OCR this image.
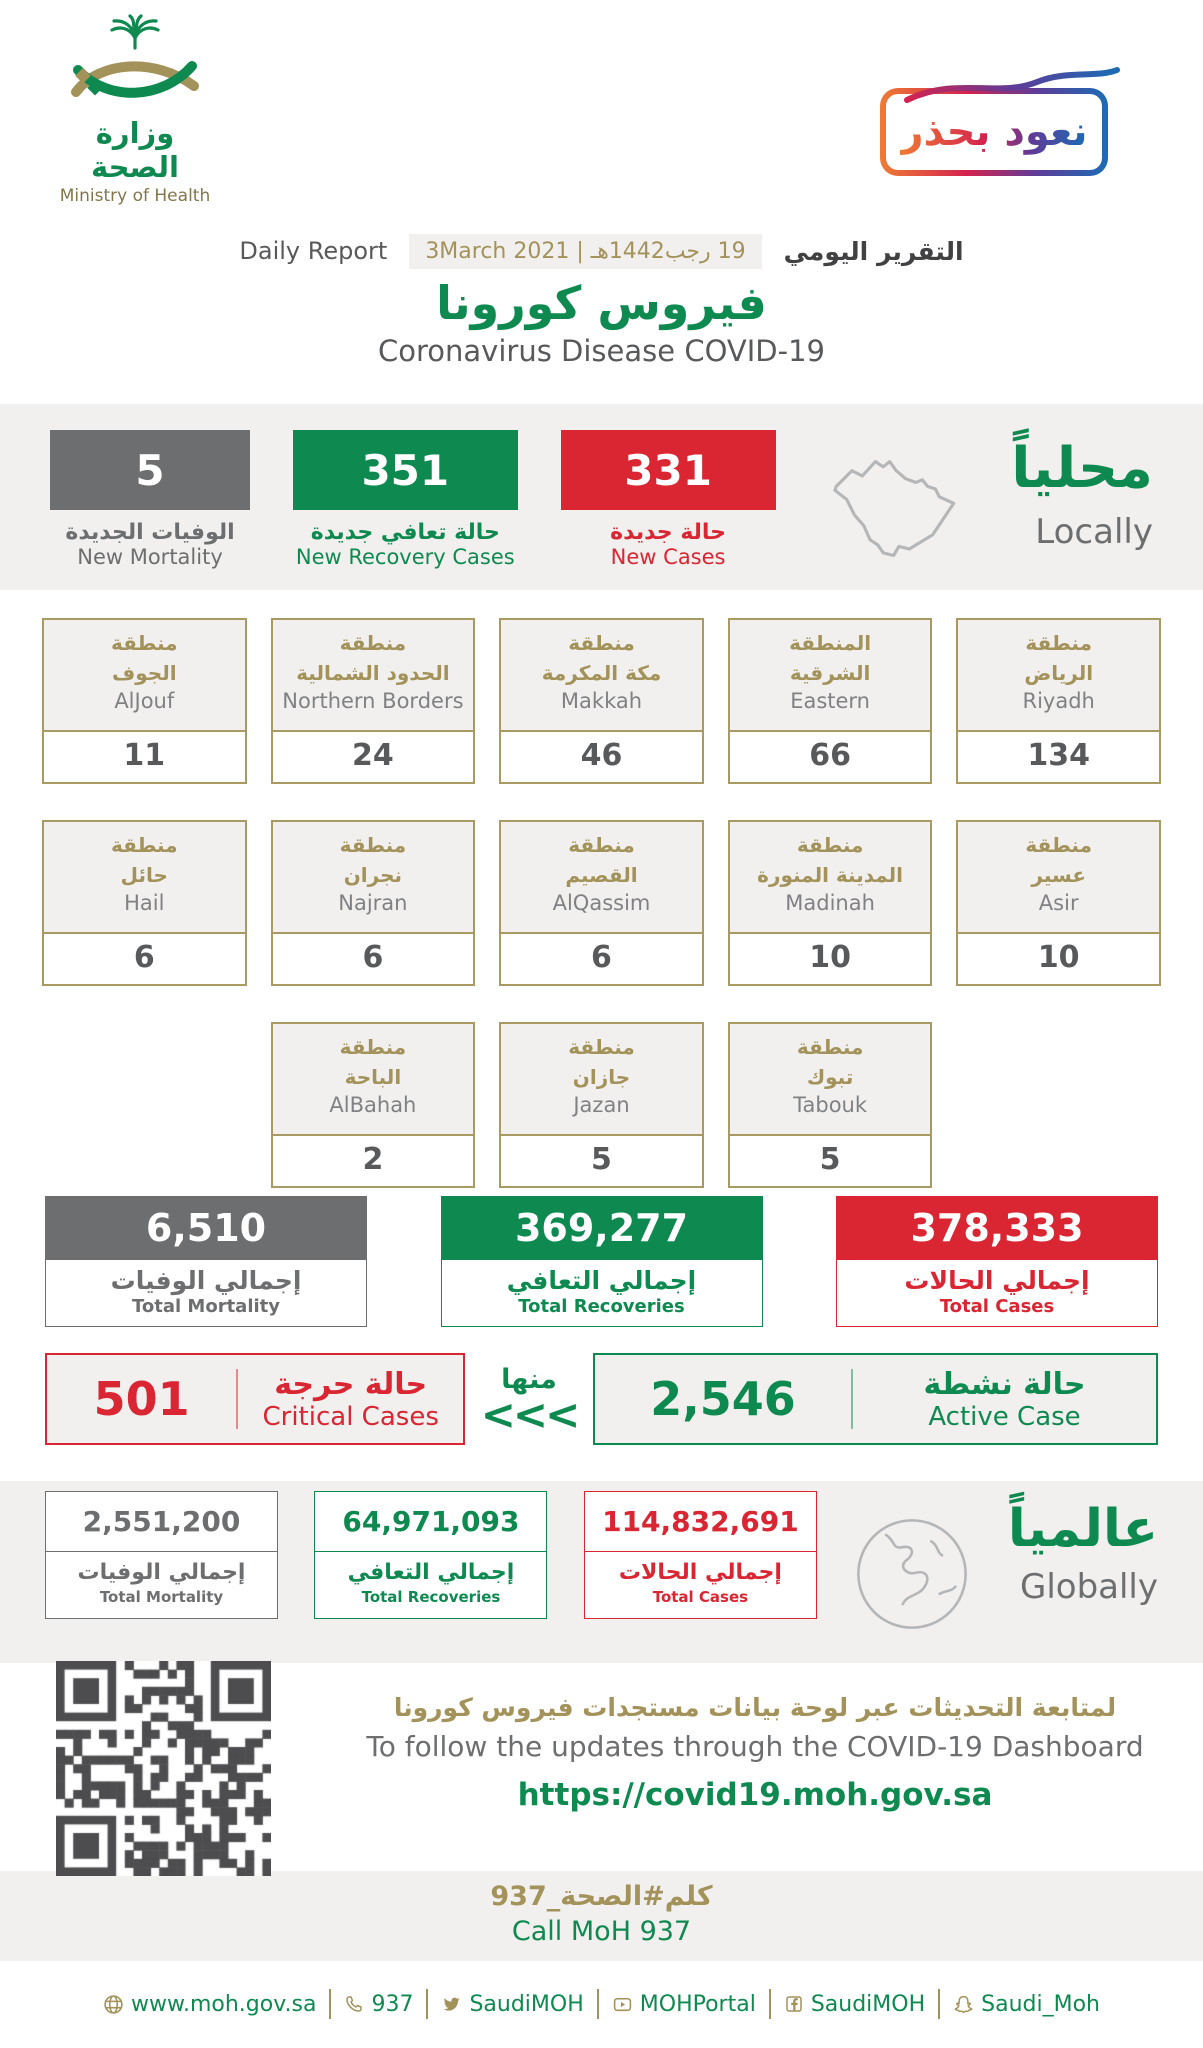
وزارة الصحة
Ministry of Health
نعود بحذر
Daily Report	19 رجب1442هـ | 3March 2021	التقرير اليومي
فيروس كورونا
Coronavirus Disease COVID-19
5
الوفيات الجديدة
New Mortality
351
حالة تعافي جديدة
New Recovery Cases
331
حالة جديدة
New Cases
محلياً
Locally
منطقة
الجوف
AlJouf
11
منطقة
الحدود الشمالية
Northern Borders
24
منطقة
مكة المكرمة
Makkah
46
المنطقة
الشرقية
Eastern
66
منطقة
الرياض
Riyadh
134
منطقة
حائل
Hail
6
منطقة
نجران
Najran
6
منطقة
القصيم
AlQassim
6
منطقة
المدينة المنورة
Madinah
10
منطقة
عسير
Asir
10
منطقة
الباحة
AlBahah
2
منطقة
جازان
Jazan
5
منطقة
تبوك
Tabouk
5
6,510
إجمالي الوفيات
Total Mortality
369,277
إجمالي التعافي
Total Recoveries
378,333
إجمالي الحالات
Total Cases
501	حالة حرجة
Critical Cases
منها
<<<	2,546	حالة نشطة
Active Case
2,551,200
إجمالي الوفيات
Total Mortality
64,971,093
إجمالي التعافي
Total Recoveries
114,832,691
إجمالي الحالات
Total Cases
عالمياً
Globally
لمتابعة التحديثات عبر لوحة بيانات مستجدات فيروس كورونا
To follow the updates through the COVID-19 Dashboard
https://covid19.moh.gov.sa
كلم#الصحة_937
Call MoH 937
www.moh.gov.sa	937	SaudiMOH	MOHPortal	SaudiMOH	Saudi_Moh
